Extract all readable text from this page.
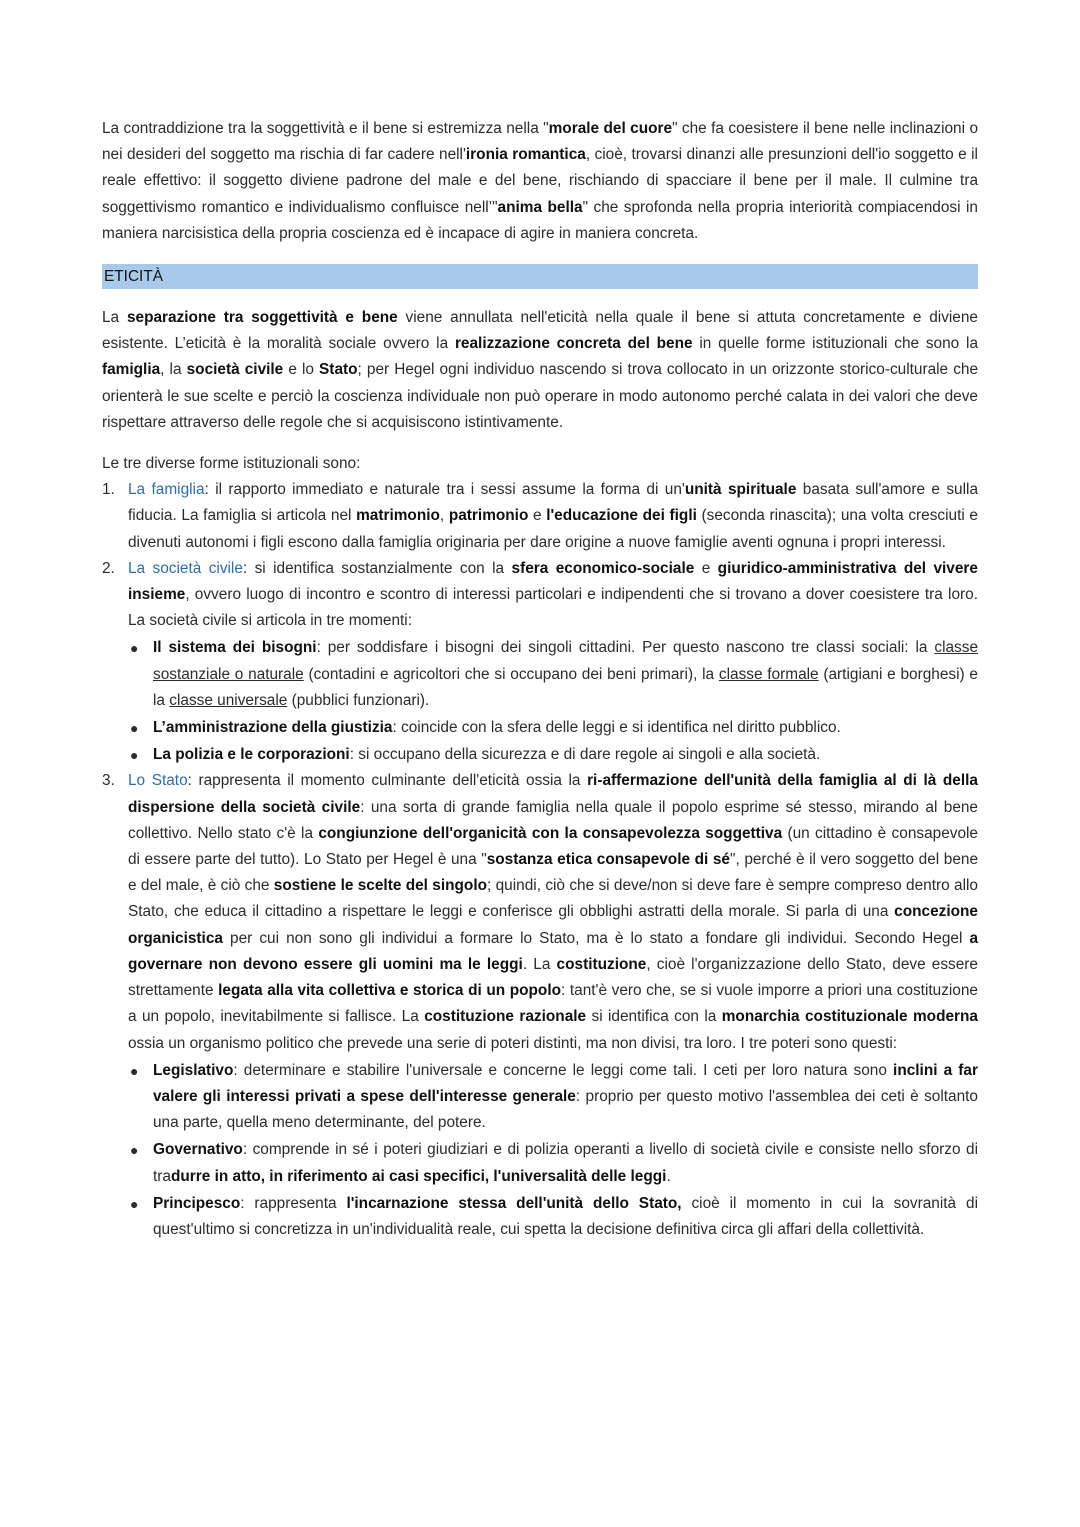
La contraddizione tra la soggettività e il bene si estremizza nella "morale del cuore" che fa coesistere il bene nelle inclinazioni o nei desideri del soggetto ma rischia di far cadere nell'ironia romantica, cioè, trovarsi dinanzi alle presunzioni dell'io soggetto e il reale effettivo: il soggetto diviene padrone del male e del bene, rischiando di spacciare il bene per il male. Il culmine tra soggettivismo romantico e individualismo confluisce nell’"anima bella" che sprofonda nella propria interiorità compiacendosi in maniera narcisistica della propria coscienza ed è incapace di agire in maniera concreta.

ETICITÀ

La separazione tra soggettività e bene viene annullata nell'eticità nella quale il bene si attuta concretamente e diviene esistente. L’eticità è la moralità sociale ovvero la realizzazione concreta del bene in quelle forme istituzionali che sono la famiglia, la società civile e lo Stato; per Hegel ogni individuo nascendo si trova collocato in un orizzonte storico-culturale che orienterà le sue scelte e perciò la coscienza individuale non può operare in modo autonomo perché calata in dei valori che deve rispettare attraverso delle regole che si acquisiscono istintivamente.

Le tre diverse forme istituzionali sono:

1. La famiglia: il rapporto immediato e naturale tra i sessi assume la forma di un'unità spirituale basata sull'amore e sulla fiducia. La famiglia si articola nel matrimonio, patrimonio e l'educazione dei figli (seconda rinascita); una volta cresciuti e divenuti autonomi i figli escono dalla famiglia originaria per dare origine a nuove famiglie aventi ognuna i propri interessi.
2. La società civile: si identifica sostanzialmente con la sfera economico-sociale e giuridico-amministrativa del vivere insieme, ovvero luogo di incontro e scontro di interessi particolari e indipendenti che si trovano a dover coesistere tra loro. La società civile si articola in tre momenti:
● Il sistema dei bisogni: per soddisfare i bisogni dei singoli cittadini. Per questo nascono tre classi sociali: la classe sostanziale o naturale (contadini e agricoltori che si occupano dei beni primari), la classe formale (artigiani e borghesi) e la classe universale (pubblici funzionari).
● L’amministrazione della giustizia: coincide con la sfera delle leggi e si identifica nel diritto pubblico.
● La polizia e le corporazioni: si occupano della sicurezza e di dare regole ai singoli e alla società.
3. Lo Stato: rappresenta il momento culminante dell'eticità ossia la ri-affermazione dell'unità della famiglia al di là della dispersione della società civile: una sorta di grande famiglia nella quale il popolo esprime sé stesso, mirando al bene collettivo. Nello stato c'è la congiunzione dell'organicità con la consapevolezza soggettiva (un cittadino è consapevole di essere parte del tutto). Lo Stato per Hegel è una "sostanza etica consapevole di sé", perché è il vero soggetto del bene e del male, è ciò che sostiene le scelte del singolo; quindi, ciò che si deve/non si deve fare è sempre compreso dentro allo Stato, che educa il cittadino a rispettare le leggi e conferisce gli obblighi astratti della morale. Si parla di una concezione organicistica per cui non sono gli individui a formare lo Stato, ma è lo stato a fondare gli individui. Secondo Hegel a governare non devono essere gli uomini ma le leggi. La costituzione, cioè l'organizzazione dello Stato, deve essere strettamente legata alla vita collettiva e storica di un popolo: tant'è vero che, se si vuole imporre a priori una costituzione a un popolo, inevitabilmente si fallisce. La costituzione razionale si identifica con la monarchia costituzionale moderna ossia un organismo politico che prevede una serie di poteri distinti, ma non divisi, tra loro. I tre poteri sono questi:
● Legislativo: determinare e stabilire l'universale e concerne le leggi come tali. I ceti per loro natura sono inclini a far valere gli interessi privati a spese dell'interesse generale: proprio per questo motivo l'assemblea dei ceti è soltanto una parte, quella meno determinante, del potere.
● Governativo: comprende in sé i poteri giudiziari e di polizia operanti a livello di società civile e consiste nello sforzo di tradurre in atto, in riferimento ai casi specifici, l'universalità delle leggi.
● Principesco: rappresenta l'incarnazione stessa dell'unità dello Stato, cioè il momento in cui la sovranità di quest'ultimo si concretizza in un'individualità reale, cui spetta la decisione definitiva circa gli affari della collettività.
